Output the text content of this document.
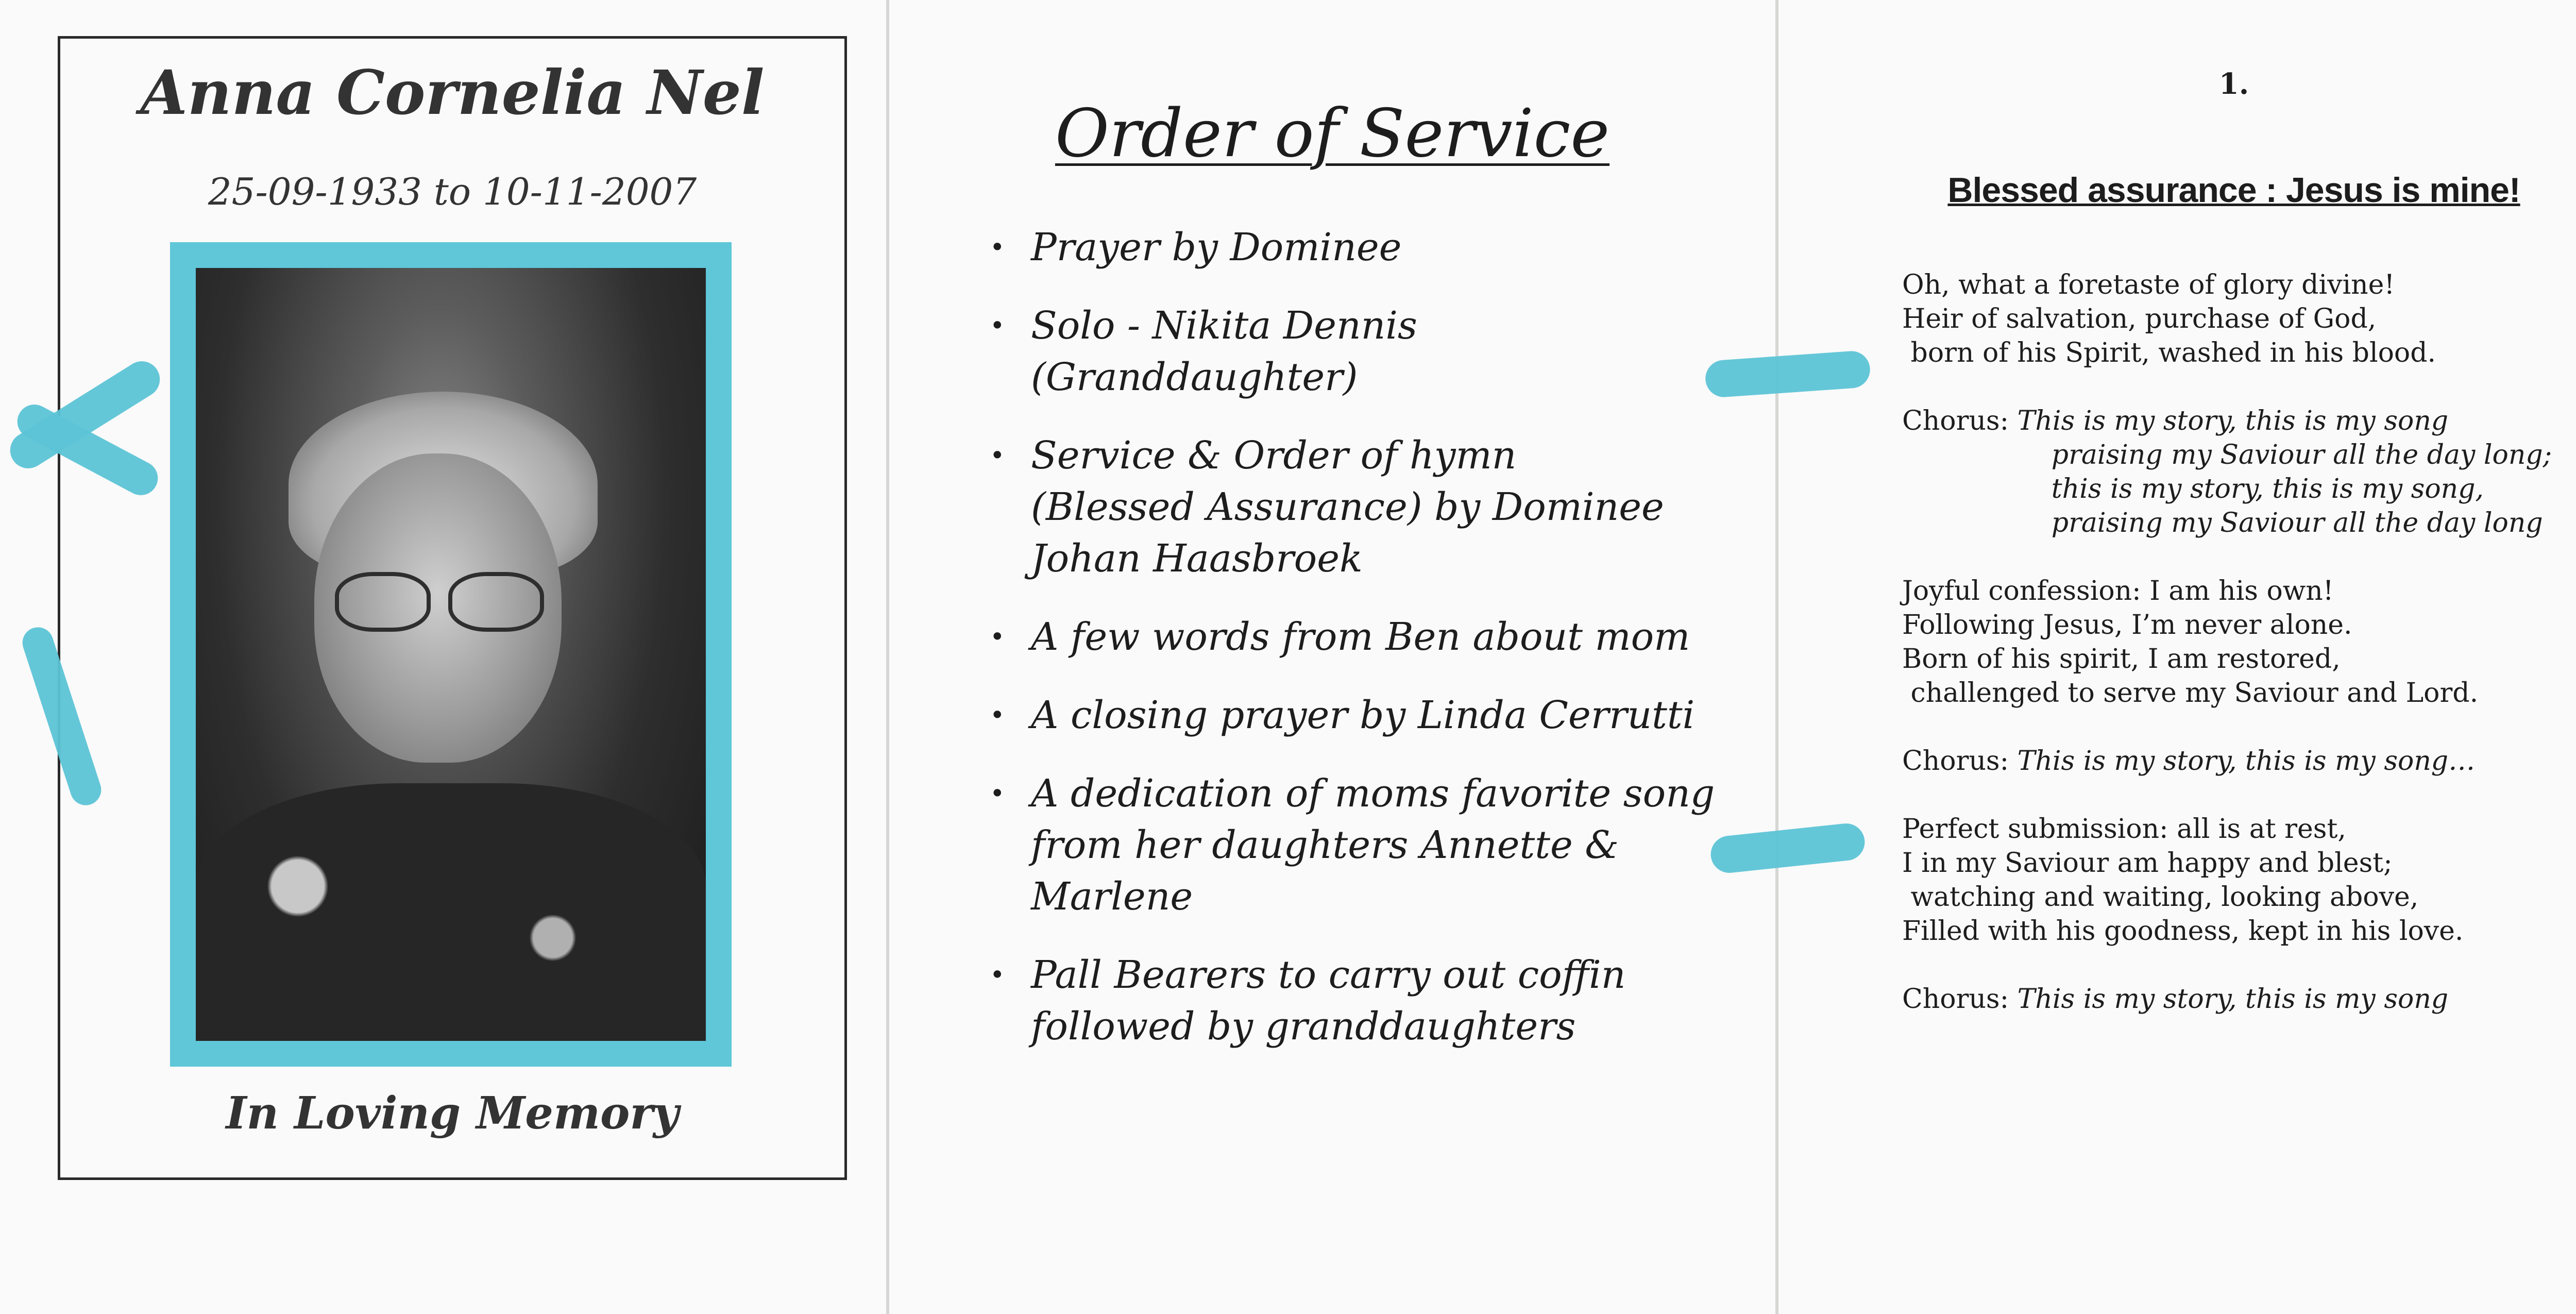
Anna Cornelia Nel
25-09-1933 to 10-11-2007
In Loving Memory
Order of Service
• Prayer by Dominee
• Solo - Nikita Dennis
(Granddaughter)
• Service & Order of hymn
(Blessed Assurance) by Dominee
Johan Haasbroek
• A few words from Ben about mom
• A closing prayer by Linda Cerrutti
• A dedication of moms favorite song
from her daughters Annette &
Marlene
• Pall Bearers to carry out coffin
followed by granddaughters
1.
Blessed assurance : Jesus is mine!
Oh, what a foretaste of glory divine!
Heir of salvation, purchase of God,
born of his Spirit, washed in his blood.
Chorus: This is my story, this is my song
praising my Saviour all the day long;
this is my story, this is my song,
praising my Saviour all the day long
Joyful confession: I am his own!
Following Jesus, I’m never alone.
Born of his spirit, I am restored,
challenged to serve my Saviour and Lord.
Chorus: This is my story, this is my song…
Perfect submission: all is at rest,
I in my Saviour am happy and blest;
watching and waiting, looking above,
Filled with his goodness, kept in his love.
Chorus: This is my story, this is my song
